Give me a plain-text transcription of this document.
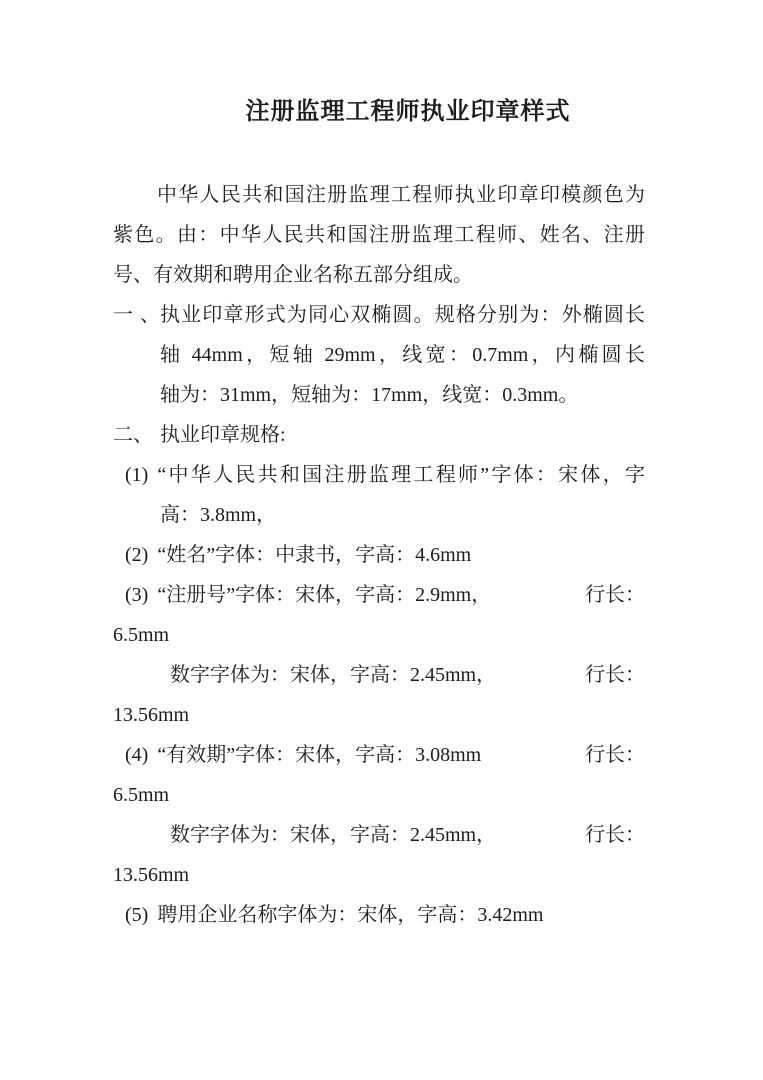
注册监理工程师执业印章样式
中华人民共和国注册监理工程师执业印章印模颜色为
紫色。由：中华人民共和国注册监理工程师、姓名、注册
号、有效期和聘用企业名称五部分组成。
一、 执业印章形式为同心双椭圆。规格分别为：外椭圆长
轴 44mm，短轴 29mm，线宽：0.7mm，内椭圆长
轴为：31mm，短轴为：17mm，线宽：0.3mm。
二、 执业印章规格:
(1) “中华人民共和国注册监理工程师”字体：宋体，字
高：3.8mm，
(2) “姓名”字体：中隶书，字高：4.6mm
(3) “注册号”字体：宋体，字高：2.9mm，	行长：
6.5mm
数字字体为：宋体，字高：2.45mm，	行长：
13.56mm
(4) “有效期”字体：宋体，字高：3.08mm	行长：
6.5mm
数字字体为：宋体，字高：2.45mm，	行长：
13.56mm
(5) 聘用企业名称字体为：宋体，字高：3.42mm
